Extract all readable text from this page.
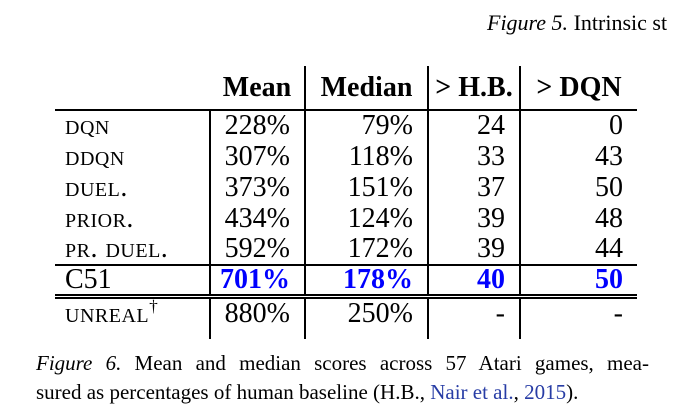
Figure 5. Intrinsic st
	Mean	Median	> H.B.	> DQN
dqn	228%	79%	24	0
ddqn	307%	118%	33	43
duel.	373%	151%	37	50
prior.	434%	124%	39	48
pr. duel.	592%	172%	39	44
C51	701%	178%	40	50
unreal†	880%	250%	-	-
Figure 6. Mean and median scores across 57 Atari games, mea-
sured as percentages of human baseline (H.B., Nair et al., 2015).
